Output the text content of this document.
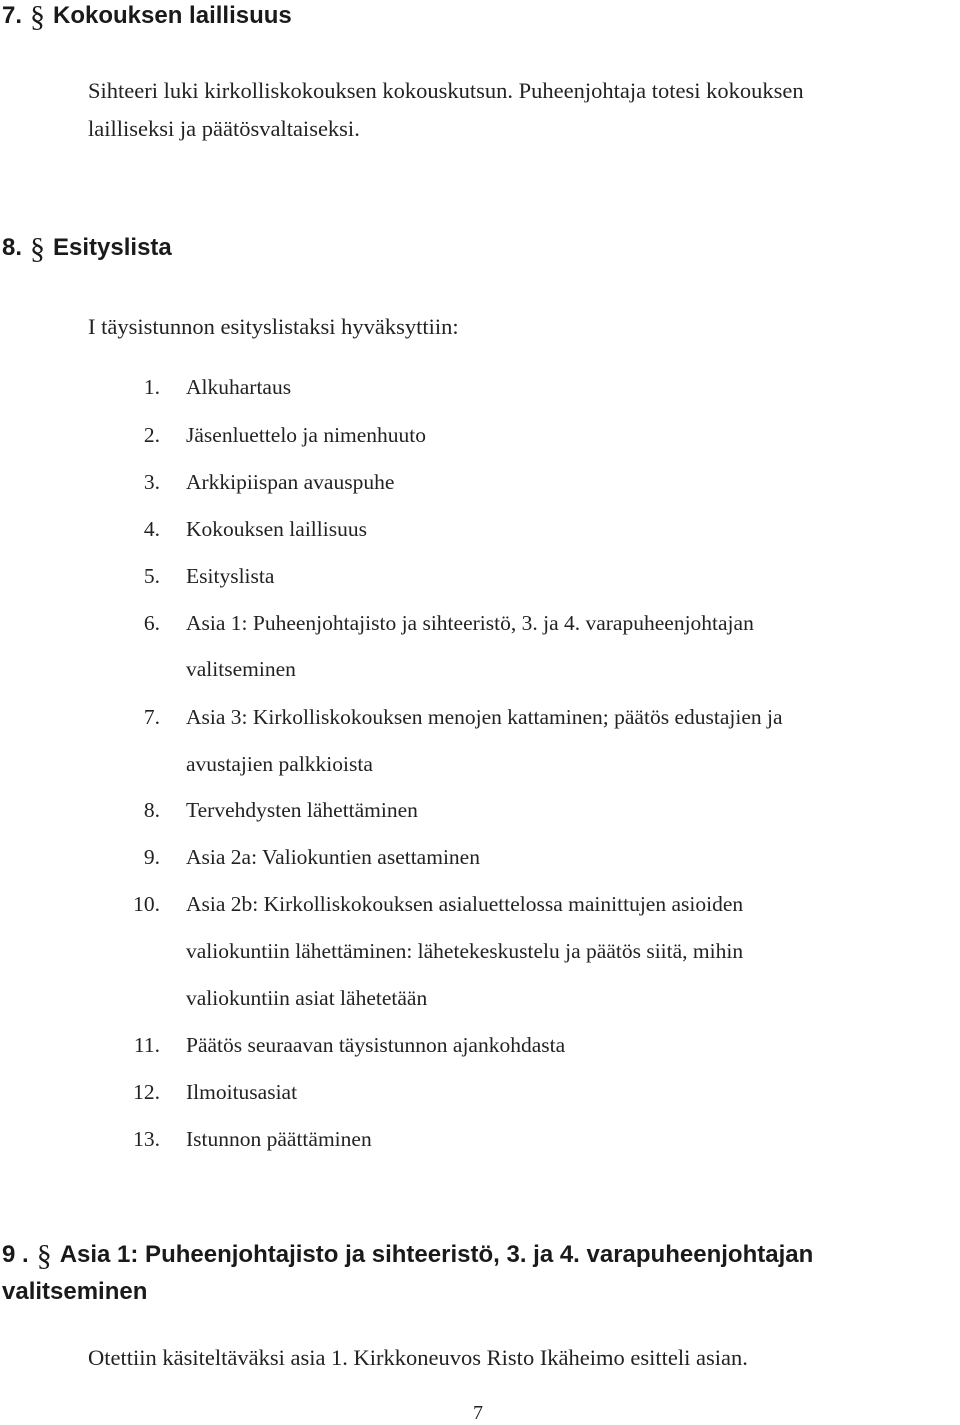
7. § Kokouksen laillisuus
Sihteeri luki kirkolliskokouksen kokouskutsun. Puheenjohtaja totesi kokouksen
lailliseksi ja päätösvaltaiseksi.
8. § Esityslista
I täysistunnon esityslistaksi hyväksyttiin:
1. Alkuhartaus
2. Jäsenluettelo ja nimenhuuto
3. Arkkipiispan avauspuhe
4. Kokouksen laillisuus
5. Esityslista
6. Asia 1: Puheenjohtajisto ja sihteeristö, 3. ja 4. varapuheenjohtajan
valitseminen
7. Asia 3: Kirkolliskokouksen menojen kattaminen; päätös edustajien ja
avustajien palkkioista
8. Tervehdysten lähettäminen
9. Asia 2a: Valiokuntien asettaminen
10. Asia 2b: Kirkolliskokouksen asialuettelossa mainittujen asioiden
valiokuntiin lähettäminen: lähetekeskustelu ja päätös siitä, mihin
valiokuntiin asiat lähetetään
11. Päätös seuraavan täysistunnon ajankohdasta
12. Ilmoitusasiat
13. Istunnon päättäminen
9 . § Asia 1: Puheenjohtajisto ja sihteeristö, 3. ja 4. varapuheenjohtajan
valitseminen
Otettiin käsiteltäväksi asia 1. Kirkkoneuvos Risto Ikäheimo esitteli asian.
7
